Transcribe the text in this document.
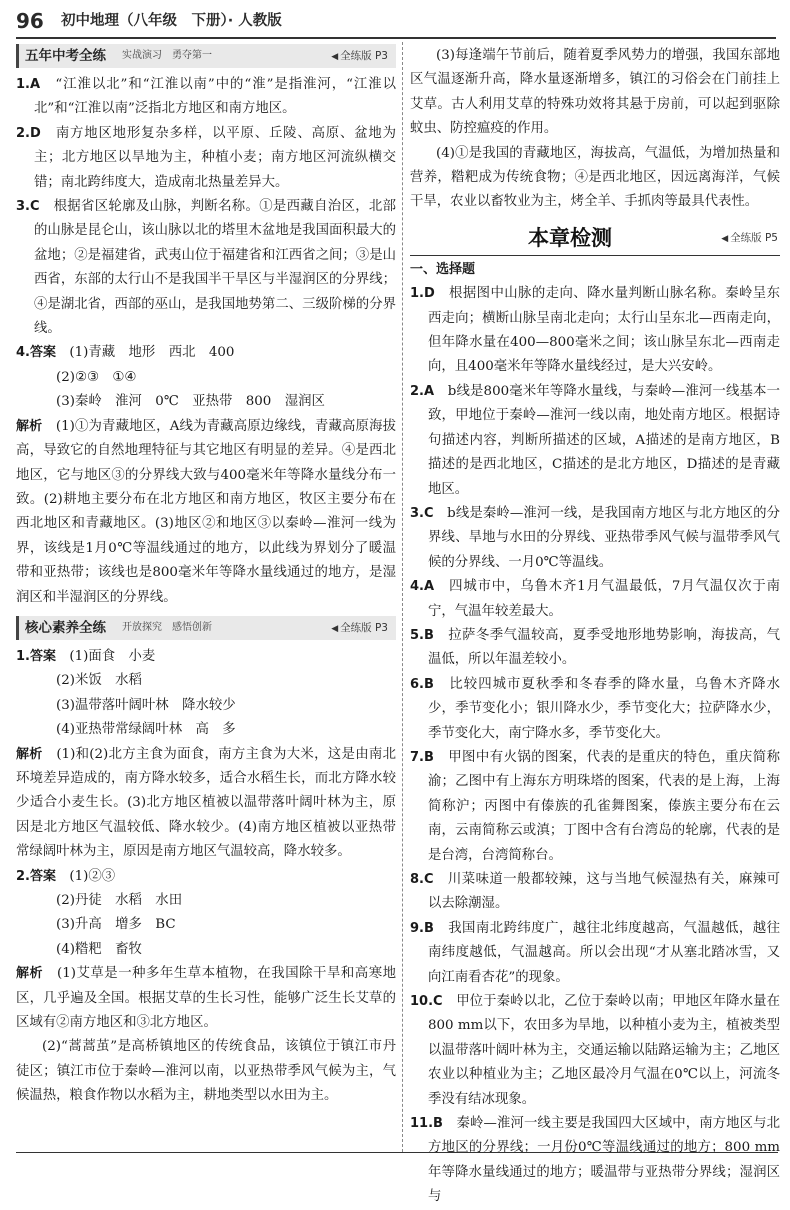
96 初中地理（八年级　下册）· 人教版
五年中考全练 实战演习　勇夺第一	◀ 全练版 P3
1.A　 “江淮以北”和“江淮以南”中的“淮”是指淮河，“江淮以北”和“江淮以南”泛指北方地区和南方地区。
2.D　 南方地区地形复杂多样，以平原、丘陵、高原、盆地为主；北方地区以旱地为主，种植小麦；南方地区河流纵横交错；南北跨纬度大，造成南北热量差异大。
3.C　 根据省区轮廓及山脉，判断名称。①是西藏自治区，北部的山脉是昆仑山，该山脉以北的塔里木盆地是我国面积最大的盆地；②是福建省，武夷山位于福建省和江西省之间；③是山西省，东部的太行山不是我国半干旱区与半湿润区的分界线；④是湖北省，西部的巫山，是我国地势第二、三级阶梯的分界线。
4.答案　 (1)青藏　地形　西北　400
(2)②③　①④
(3)秦岭　淮河　0℃　亚热带　800　湿润区
解析　 (1)①为青藏地区，A线为青藏高原边缘线，青藏高原海拔高，导致它的自然地理特征与其它地区有明显的差异。④是西北地区，它与地区③的分界线大致与400毫米年等降水量线分布一致。(2)耕地主要分布在北方地区和南方地区，牧区主要分布在西北地区和青藏地区。(3)地区②和地区③以秦岭—淮河一线为界，该线是1月0℃等温线通过的地方，以此线为界划分了暖温带和亚热带；该线也是800毫米年等降水量线通过的地方，是湿润区和半湿润区的分界线。
核心素养全练 开放探究　感悟创新	◀ 全练版 P3
1.答案　 (1)面食　小麦
(2)米饭　水稻
(3)温带落叶阔叶林　降水较少
(4)亚热带常绿阔叶林　高　多
解析　 (1)和(2)北方主食为面食，南方主食为大米，这是由南北环境差异造成的，南方降水较多，适合水稻生长，而北方降水较少适合小麦生长。(3)北方地区植被以温带落叶阔叶林为主，原因是北方地区气温较低、降水较少。(4)南方地区植被以亚热带常绿阔叶林为主，原因是南方地区气温较高，降水较多。
2.答案　 (1)②③
(2)丹徒　水稻　水田
(3)升高　增多　BC
(4)糌粑　畜牧
解析　 (1)艾草是一种多年生草本植物，在我国除干旱和高寒地区，几乎遍及全国。根据艾草的生长习性，能够广泛生长艾草的区域有②南方地区和③北方地区。
(2)“蒿蒿茧”是高桥镇地区的传统食品，该镇位于镇江市丹徒区；镇江市位于秦岭—淮河以南，以亚热带季风气候为主，气候温热，粮食作物以水稻为主，耕地类型以水田为主。
(3)每逢端午节前后，随着夏季风势力的增强，我国东部地区气温逐渐升高，降水量逐渐增多，镇江的习俗会在门前挂上艾草。古人利用艾草的特殊功效将其悬于房前，可以起到驱除蚊虫、防控瘟疫的作用。
(4)①是我国的青藏地区，海拔高，气温低，为增加热量和营养，糌粑成为传统食物；④是西北地区，因远离海洋，气候干旱，农业以畜牧业为主，烤全羊、手抓肉等最具代表性。
本章检测	◀ 全练版 P5
一、选择题
1.D　 根据图中山脉的走向、降水量判断山脉名称。秦岭呈东西走向；横断山脉呈南北走向；太行山呈东北—西南走向，但年降水量在400—800毫米之间；该山脉呈东北—西南走向，且400毫米年等降水量线经过，是大兴安岭。
2.A　 b线是800毫米年等降水量线，与秦岭—淮河一线基本一致，甲地位于秦岭—淮河一线以南，地处南方地区。根据诗句描述内容，判断所描述的区域，A描述的是南方地区，B描述的是西北地区，C描述的是北方地区，D描述的是青藏地区。
3.C　 b线是秦岭—淮河一线，是我国南方地区与北方地区的分界线、旱地与水田的分界线、亚热带季风气候与温带季风气候的分界线、一月0℃等温线。
4.A　 四城市中，乌鲁木齐1月气温最低，7月气温仅次于南宁，气温年较差最大。
5.B　 拉萨冬季气温较高，夏季受地形地势影响，海拔高，气温低，所以年温差较小。
6.B　 比较四城市夏秋季和冬春季的降水量，乌鲁木齐降水少，季节变化小；银川降水少，季节变化大；拉萨降水少，季节变化大，南宁降水多，季节变化大。
7.B　 甲图中有火锅的图案，代表的是重庆的特色，重庆简称渝；乙图中有上海东方明珠塔的图案，代表的是上海，上海简称沪；丙图中有傣族的孔雀舞图案，傣族主要分布在云南，云南简称云或滇；丁图中含有台湾岛的轮廓，代表的是是台湾，台湾简称台。
8.C　 川菜味道一般都较辣，这与当地气候湿热有关，麻辣可以去除潮湿。
9.B　 我国南北跨纬度广，越往北纬度越高，气温越低，越往南纬度越低，气温越高。所以会出现“才从塞北踏冰雪，又向江南看杏花”的现象。
10.C　 甲位于秦岭以北，乙位于秦岭以南；甲地区年降水量在800 mm以下，农田多为旱地，以种植小麦为主，植被类型以温带落叶阔叶林为主，交通运输以陆路运输为主；乙地区农业以种植业为主；乙地区最冷月气温在0℃以上，河流冬季没有结冰现象。
11.B　 秦岭—淮河一线主要是我国四大区域中，南方地区与北方地区的分界线；一月份0℃等温线通过的地方；800 mm年等降水量线通过的地方；暖温带与亚热带分界线；湿润区与
